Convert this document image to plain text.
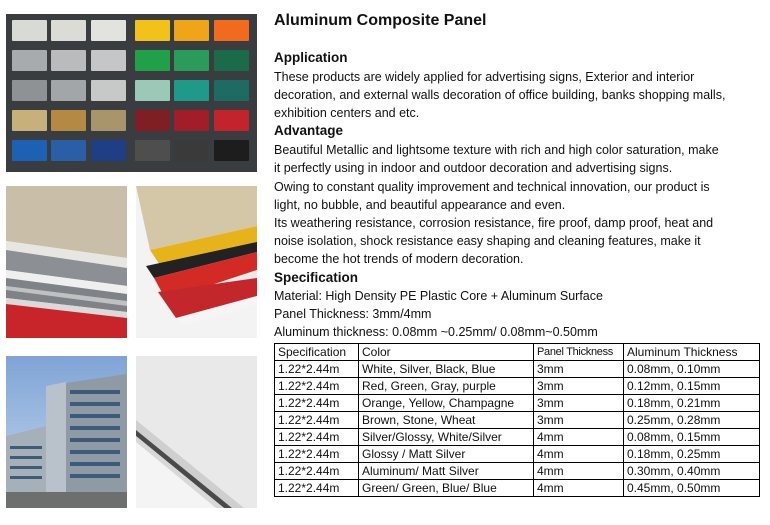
Aluminum Composite Panel
Application
These products are widely applied for advertising signs, Exterior and interior
decoration, and external walls decoration of office building, banks shopping malls,
exhibition centers and etc.
Advantage
Beautiful Metallic and lightsome texture with rich and high color saturation, make
it perfectly using in indoor and outdoor decoration and advertising signs.
Owing to constant quality improvement and technical innovation, our product is
light, no bubble, and beautiful appearance and even.
Its weathering resistance, corrosion resistance, fire proof, damp proof, heat and
noise isolation, shock resistance easy shaping and cleaning features, make it
become the hot trends of modern decoration.
Specification
Material: High Density PE Plastic Core + Aluminum Surface
Panel Thickness: 3mm/4mm
Aluminum thickness: 0.08mm ~0.25mm/ 0.08mm~0.50mm
Specification	Color	Panel Thickness	Aluminum Thickness
1.22*2.44m	White, Silver, Black, Blue	3mm	0.08mm, 0.10mm
1.22*2.44m	Red, Green, Gray, purple	3mm	0.12mm, 0.15mm
1.22*2.44m	Orange, Yellow, Champagne	3mm	0.18mm, 0.21mm
1.22*2.44m	Brown, Stone, Wheat	3mm	0.25mm, 0.28mm
1.22*2.44m	Silver/Glossy, White/Silver	4mm	0.08mm, 0.15mm
1.22*2.44m	Glossy / Matt Silver	4mm	0.18mm, 0.25mm
1.22*2.44m	Aluminum/ Matt Silver	4mm	0.30mm, 0.40mm
1.22*2.44m	Green/ Green, Blue/ Blue	4mm	0.45mm, 0.50mm
